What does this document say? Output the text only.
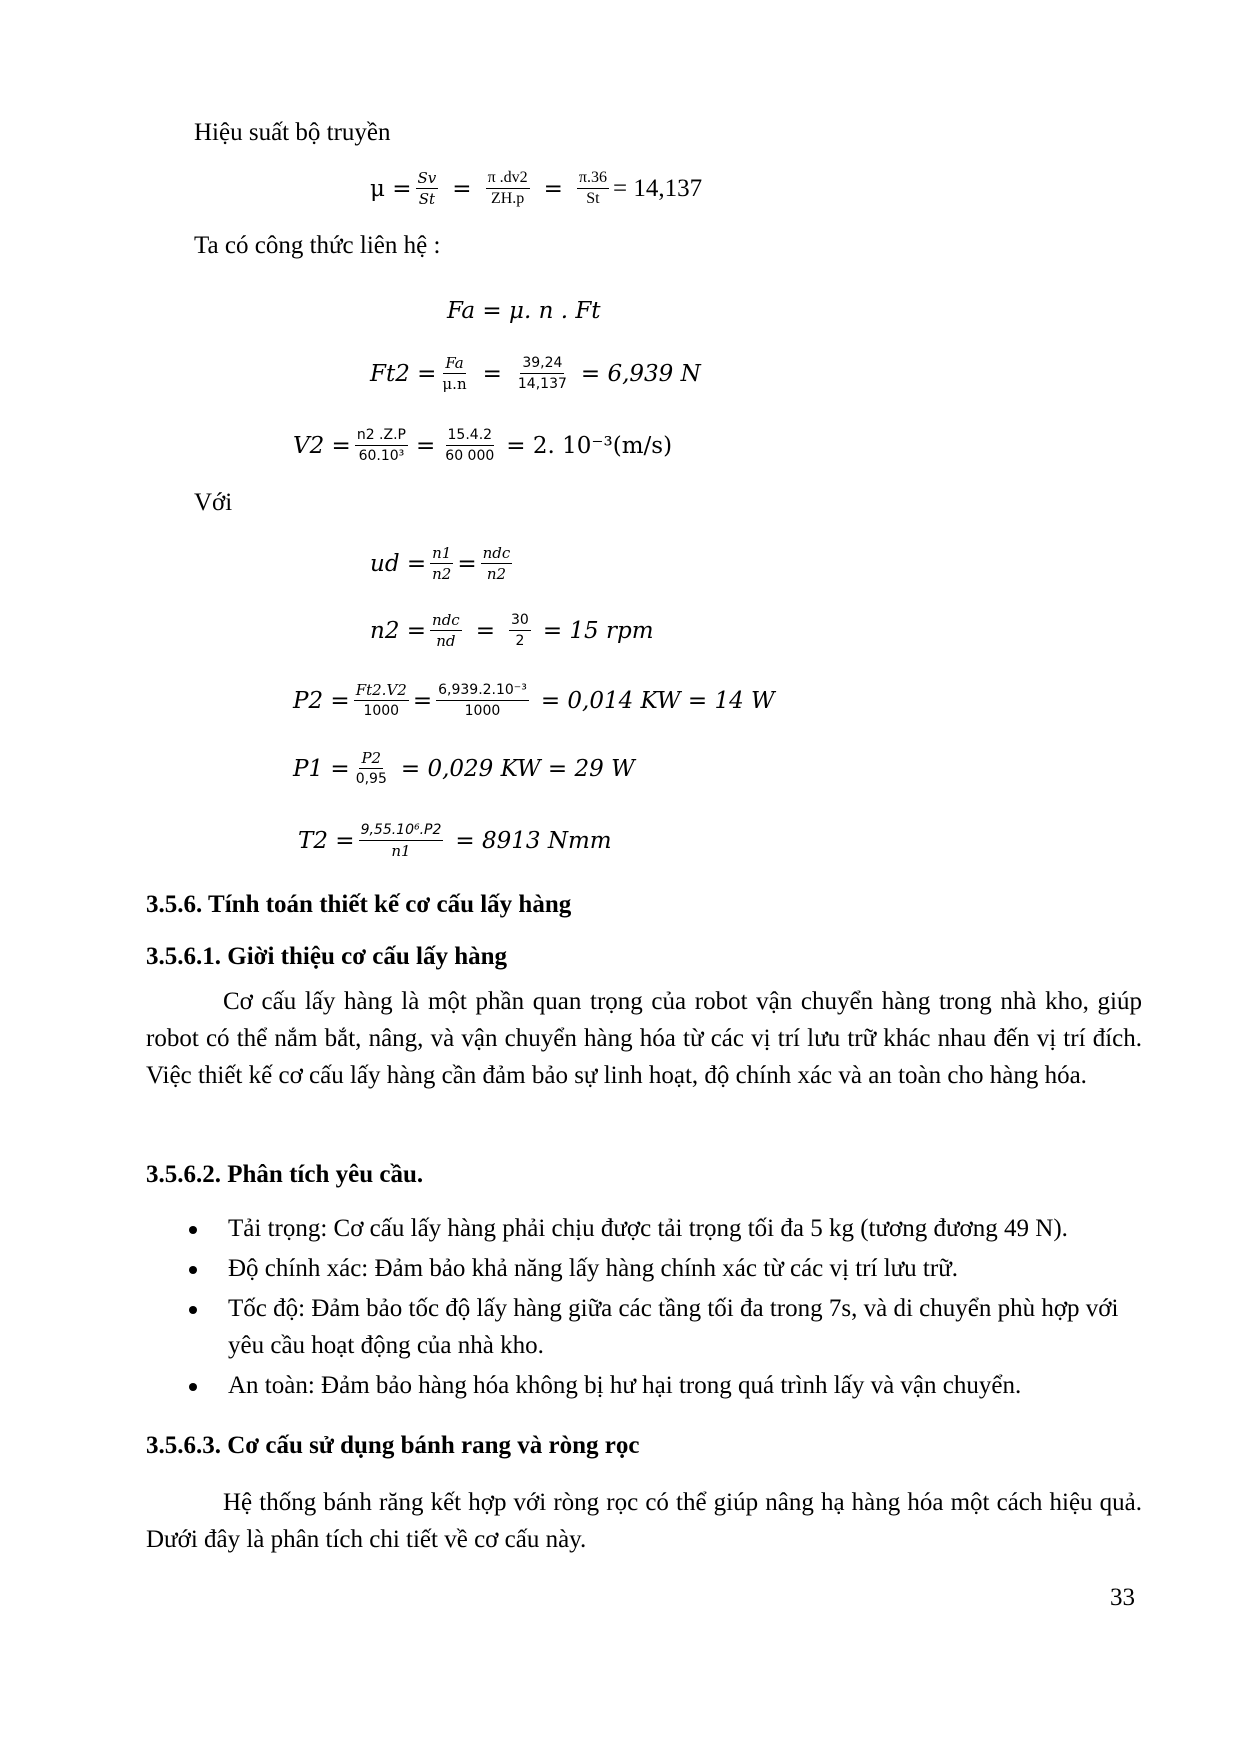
Hiệu suất bộ truyền
$\mu = \frac{Sv}{St} = \frac{\pi .dv2}{ZH.p} = \frac{\pi.36}{St} = 14,137$
Ta có công thức liên hệ :
Fa = μ. n . Ft
$Ft2 = \frac{Fa}{\mu.n} = \frac{39,24}{14,137} = 6,939$ N
$V2 = \frac{n2 .Z.P}{\text{60.10³}} = \frac{15.4.2}{60 000} = 2$. 10⁻³(m/s)
Với
ud = $\frac{n1}{n2} = \frac{\text{ndc}}{n2}$
$n2 = \frac{\text{ndc}}{nd} = \frac{30}{2} = 15$ rpm
$P2 = \frac{Ft2.V2}{1000} = \frac{\text{6,939.2.10⁻³}}{1000} = 0,014$ KW = 14 W
$P1 = \frac{P2}{0,95} = 0,029$ KW = 29 W
$T2 = \frac{\text{9,55.10⁶.P2}}{n1} = 8913$ Nmm
3.5.6. Tính toán thiết kế cơ cấu lấy hàng
3.5.6.1. Giời thiệu cơ cấu lấy hàng
Cơ cấu lấy hàng là một phần quan trọng của robot vận chuyển hàng trong nhà kho, giúp robot có thể nắm bắt, nâng, và vận chuyển hàng hóa từ các vị trí lưu trữ khác nhau đến vị trí đích. Việc thiết kế cơ cấu lấy hàng cần đảm bảo sự linh hoạt, độ chính xác và an toàn cho hàng hóa.
3.5.6.2. Phân tích yêu cầu.
Tải trọng: Cơ cấu lấy hàng phải chịu được tải trọng tối đa 5 kg (tương đương 49 N).
Độ chính xác: Đảm bảo khả năng lấy hàng chính xác từ các vị trí lưu trữ.
Tốc độ: Đảm bảo tốc độ lấy hàng giữa các tầng tối đa trong 7s, và di chuyển phù hợp với yêu cầu hoạt động của nhà kho.
An toàn: Đảm bảo hàng hóa không bị hư hại trong quá trình lấy và vận chuyển.
3.5.6.3. Cơ cấu sử dụng bánh rang và ròng rọc
Hệ thống bánh răng kết hợp với ròng rọc có thể giúp nâng hạ hàng hóa một cách hiệu quả. Dưới đây là phân tích chi tiết về cơ cấu này.
33
